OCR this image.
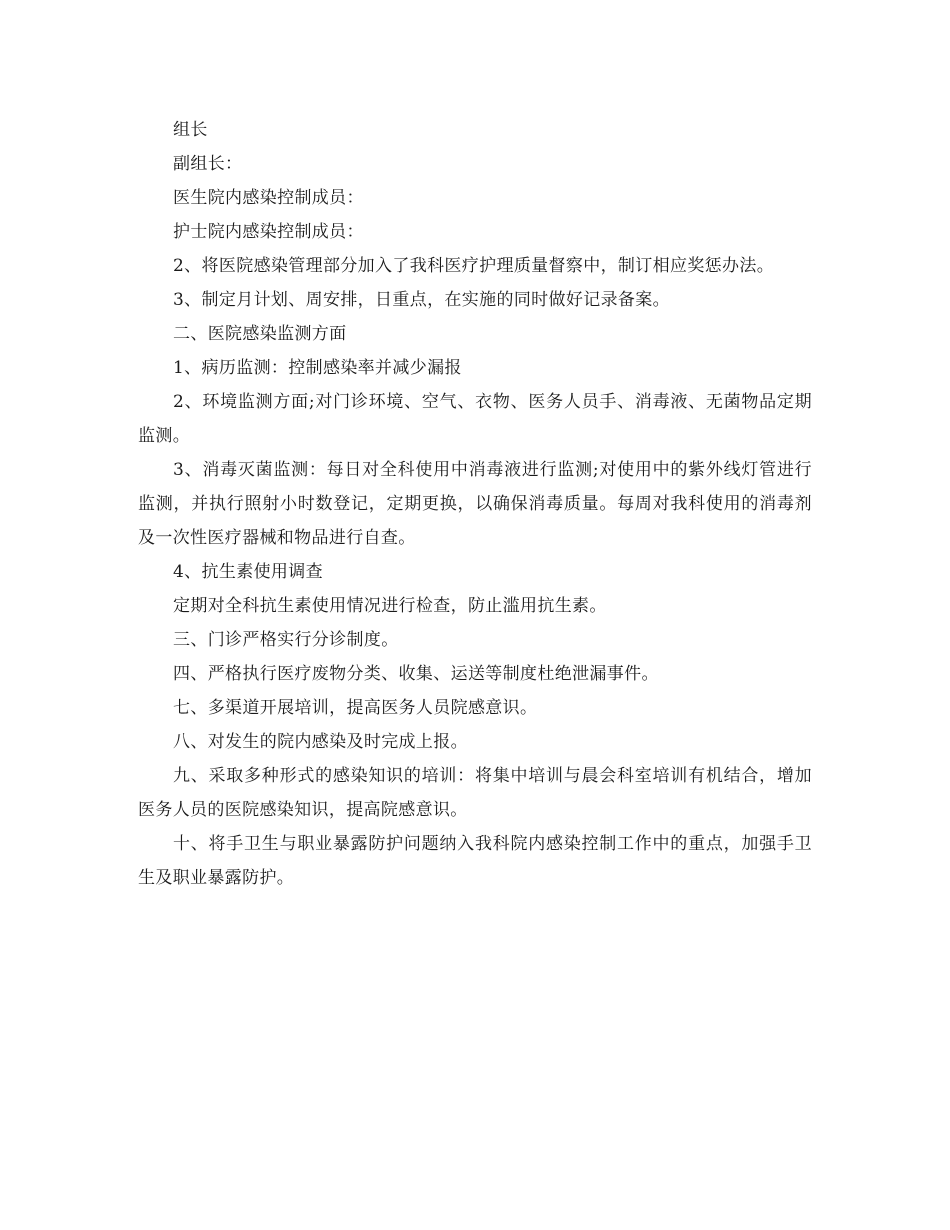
组长

副组长：

医生院内感染控制成员：

护士院内感染控制成员：

2、将医院感染管理部分加入了我科医疗护理质量督察中，制订相应奖惩办法。

3、制定月计划、周安排，日重点，在实施的同时做好记录备案。

二、医院感染监测方面

1、病历监测：控制感染率并减少漏报

2、环境监测方面;对门诊环境、空气、衣物、医务人员手、消毒液、无菌物品定期监测。

3、消毒灭菌监测：每日对全科使用中消毒液进行监测;对使用中的紫外线灯管进行监测，并执行照射小时数登记，定期更换，以确保消毒质量。每周对我科使用的消毒剂及一次性医疗器械和物品进行自查。

4、抗生素使用调查

定期对全科抗生素使用情况进行检查，防止滥用抗生素。

三、门诊严格实行分诊制度。

四、严格执行医疗废物分类、收集、运送等制度杜绝泄漏事件。

七、多渠道开展培训，提高医务人员院感意识。

八、对发生的院内感染及时完成上报。

九、采取多种形式的感染知识的培训：将集中培训与晨会科室培训有机结合，增加医务人员的医院感染知识，提高院感意识。

十、将手卫生与职业暴露防护问题纳入我科院内感染控制工作中的重点，加强手卫生及职业暴露防护。
